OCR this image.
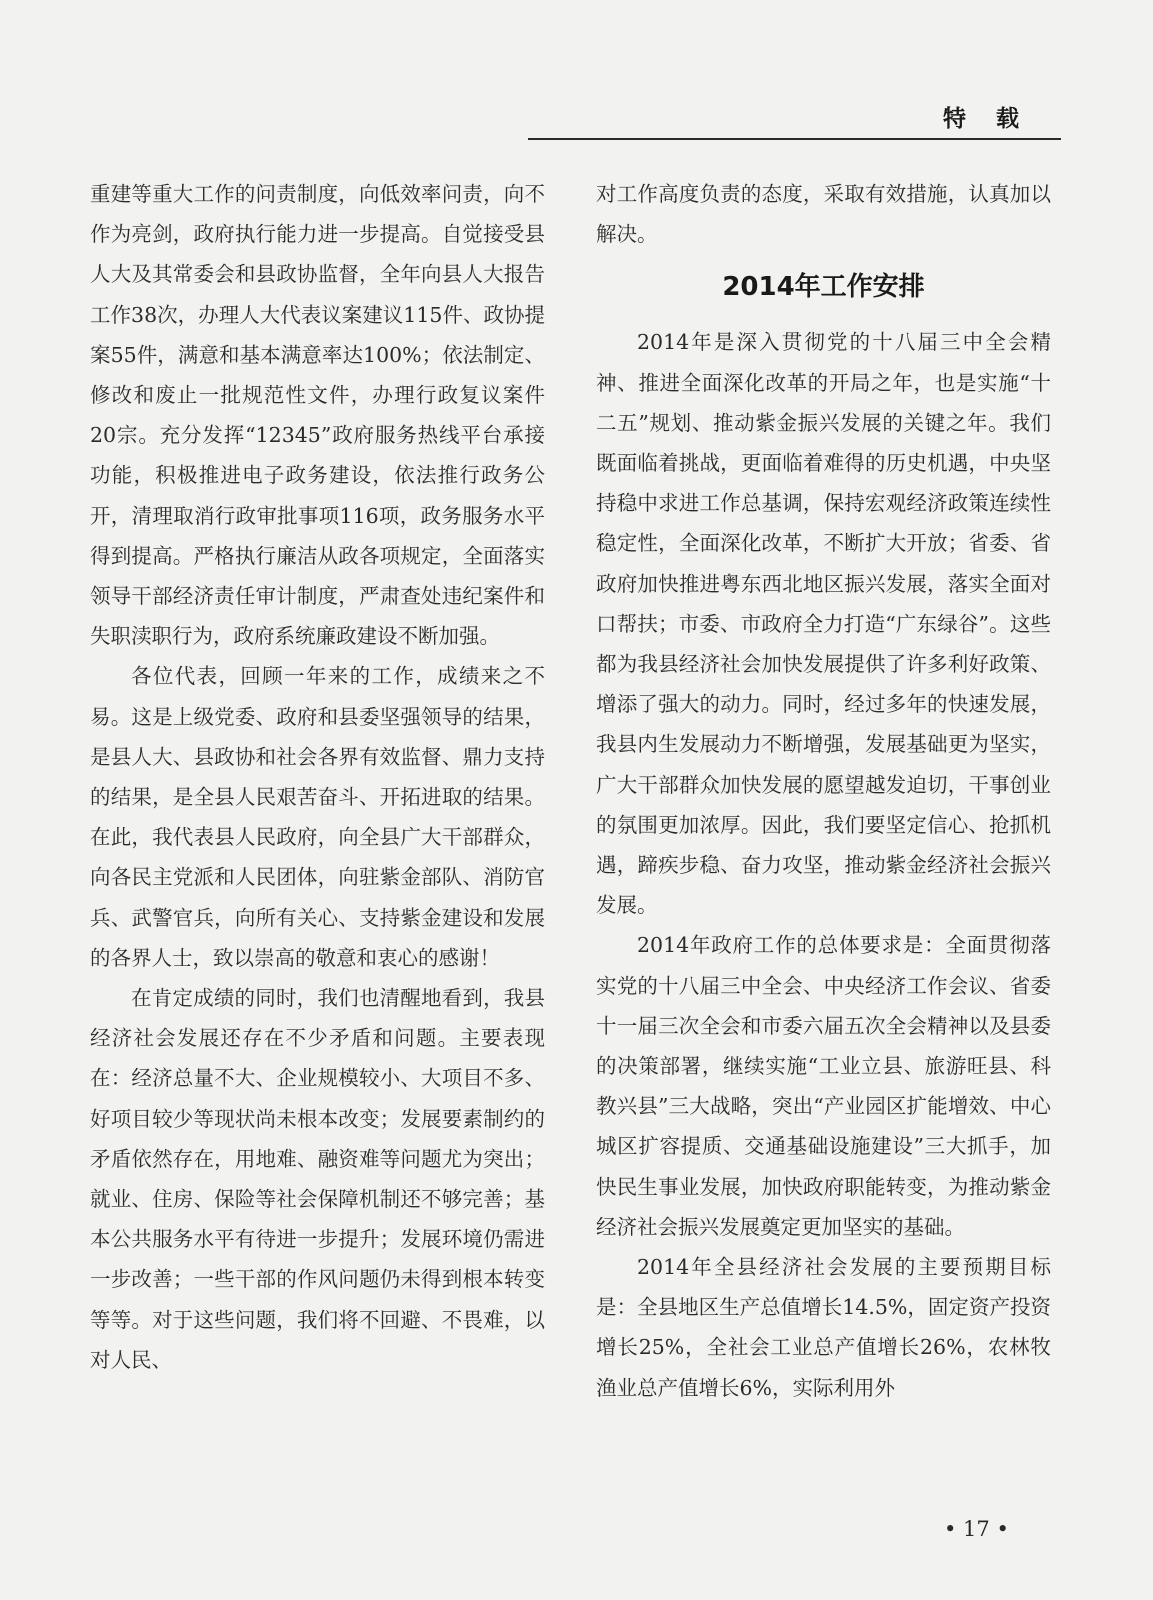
特载

重建等重大工作的问责制度，向低效率问责，向不作为亮剑，政府执行能力进一步提高。自觉接受县人大及其常委会和县政协监督，全年向县人大报告工作38次，办理人大代表议案建议115件、政协提案55件，满意和基本满意率达100%；依法制定、修改和废止一批规范性文件，办理行政复议案件20宗。充分发挥“12345”政府服务热线平台承接功能，积极推进电子政务建设，依法推行政务公开，清理取消行政审批事项116项，政务服务水平得到提高。严格执行廉洁从政各项规定，全面落实领导干部经济责任审计制度，严肃查处违纪案件和失职渎职行为，政府系统廉政建设不断加强。

各位代表，回顾一年来的工作，成绩来之不易。这是上级党委、政府和县委坚强领导的结果，是县人大、县政协和社会各界有效监督、鼎力支持的结果，是全县人民艰苦奋斗、开拓进取的结果。在此，我代表县人民政府，向全县广大干部群众，向各民主党派和人民团体，向驻紫金部队、消防官兵、武警官兵，向所有关心、支持紫金建设和发展的各界人士，致以崇高的敬意和衷心的感谢！

在肯定成绩的同时，我们也清醒地看到，我县经济社会发展还存在不少矛盾和问题。主要表现在：经济总量不大、企业规模较小、大项目不多、好项目较少等现状尚未根本改变；发展要素制约的矛盾依然存在，用地难、融资难等问题尤为突出；就业、住房、保险等社会保障机制还不够完善；基本公共服务水平有待进一步提升；发展环境仍需进一步改善；一些干部的作风问题仍未得到根本转变等等。对于这些问题，我们将不回避、不畏难，以对人民、

对工作高度负责的态度，采取有效措施，认真加以解决。

2014年工作安排

2014年是深入贯彻党的十八届三中全会精神、推进全面深化改革的开局之年，也是实施“十二五”规划、推动紫金振兴发展的关键之年。我们既面临着挑战，更面临着难得的历史机遇，中央坚持稳中求进工作总基调，保持宏观经济政策连续性稳定性，全面深化改革，不断扩大开放；省委、省政府加快推进粤东西北地区振兴发展，落实全面对口帮扶；市委、市政府全力打造“广东绿谷”。这些都为我县经济社会加快发展提供了许多利好政策、增添了强大的动力。同时，经过多年的快速发展，我县内生发展动力不断增强，发展基础更为坚实，广大干部群众加快发展的愿望越发迫切，干事创业的氛围更加浓厚。因此，我们要坚定信心、抢抓机遇，蹄疾步稳、奋力攻坚，推动紫金经济社会振兴发展。

2014年政府工作的总体要求是：全面贯彻落实党的十八届三中全会、中央经济工作会议、省委十一届三次全会和市委六届五次全会精神以及县委的决策部署，继续实施“工业立县、旅游旺县、科教兴县”三大战略，突出“产业园区扩能增效、中心城区扩容提质、交通基础设施建设”三大抓手，加快民生事业发展，加快政府职能转变，为推动紫金经济社会振兴发展奠定更加坚实的基础。

2014年全县经济社会发展的主要预期目标是：全县地区生产总值增长14.5%，固定资产投资增长25%，全社会工业总产值增长26%，农林牧渔业总产值增长6%，实际利用外

• 17 •
